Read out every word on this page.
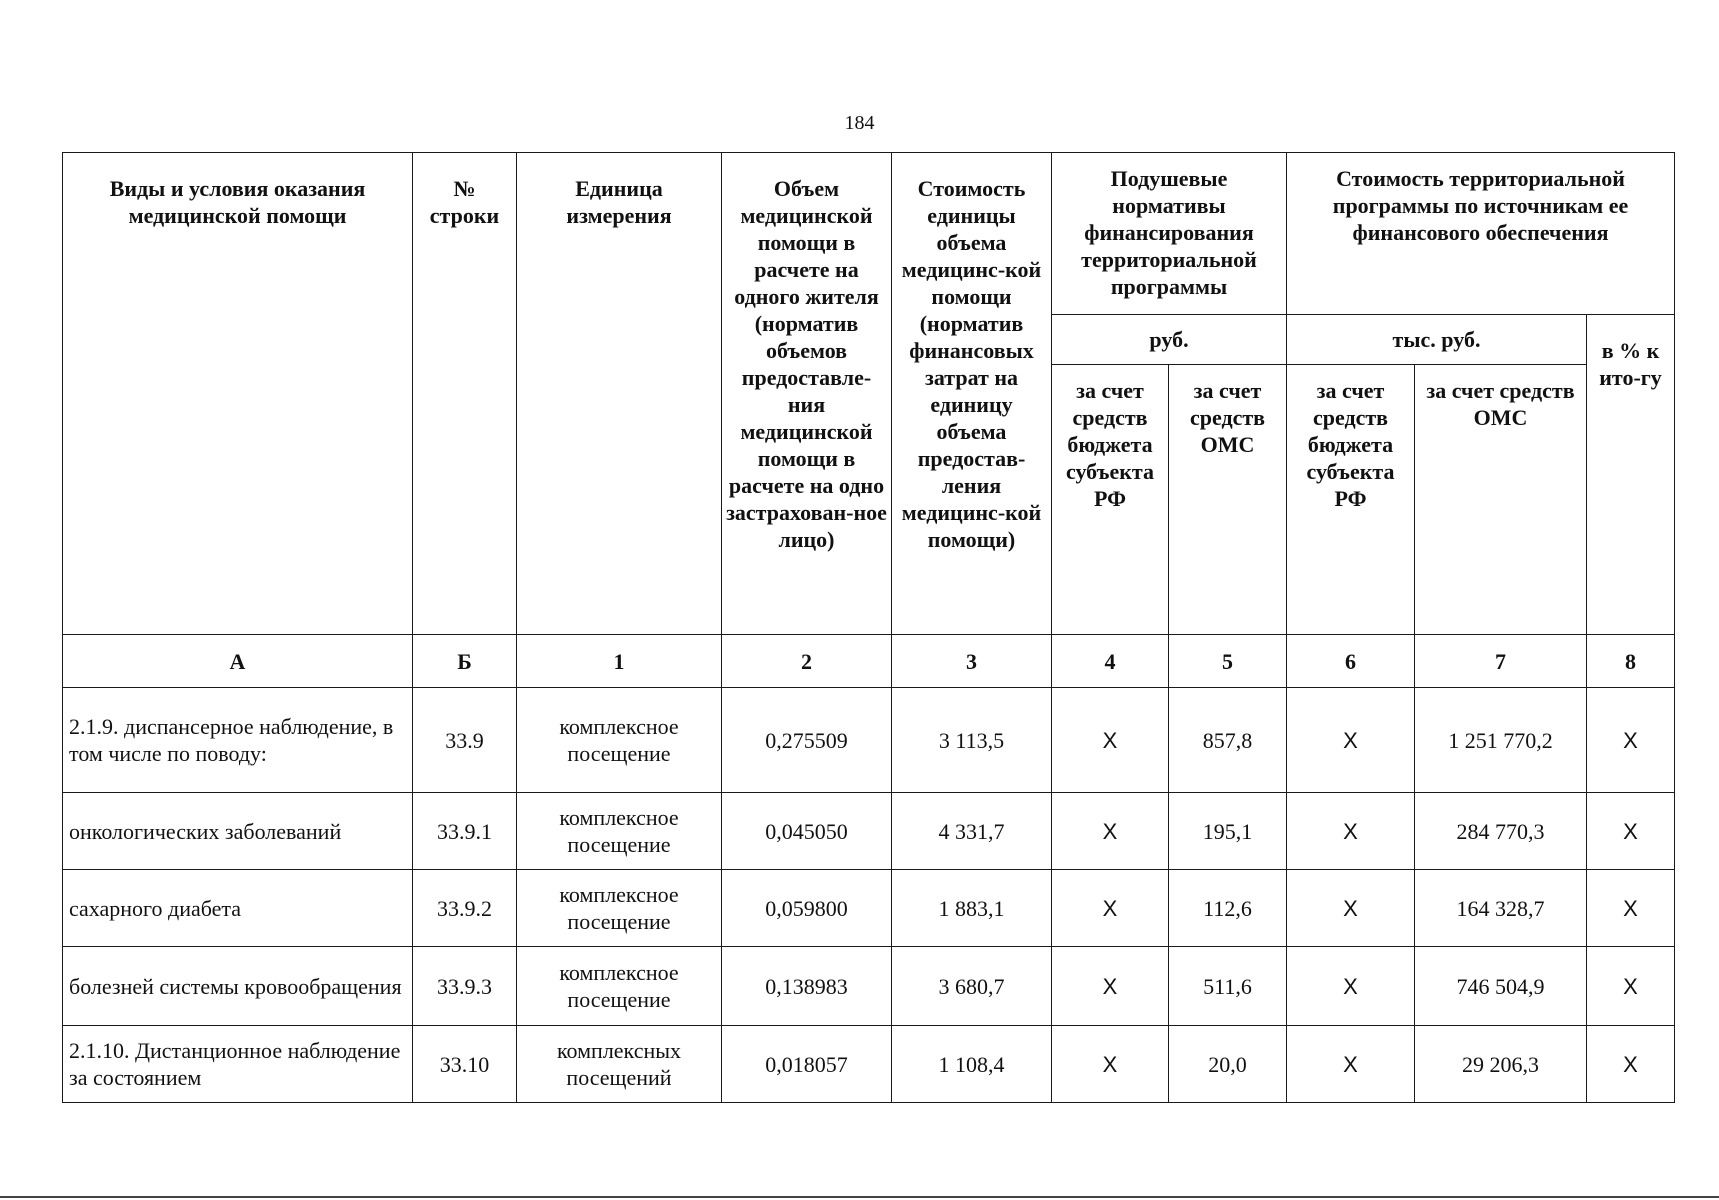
184
Виды и условия оказания медицинской помощи	№ строки	Единица измерения	Объем медицинской помощи в расчете на одного жителя (норматив объемов предоставле-ния медицинской помощи в расчете на одно застрахован-ное лицо)	Стоимость единицы объема медицинс-кой помощи (норматив финансовых затрат на единицу объема предостав-ления медицинс-кой помощи)	Подушевые нормативы финансирования территориальной программы		Стоимость территориальной программы по источникам ее финансового обеспечения		
					руб.		тыс. руб.		в % к ито-гу
					за счет средств бюджета субъекта РФ	за счет средств ОМС	за счет средств бюджета субъекта РФ	за счет средств ОМС	
А	Б	1	2	3	4	5	6	7	8
2.1.9. диспансерное наблюдение, в том числе по поводу:	33.9	комплексное посещение	0,275509	3 113,5	X	857,8	X	1 251 770,2	X
онкологических заболеваний	33.9.1	комплексное посещение	0,045050	4 331,7	X	195,1	X	284 770,3	X
сахарного диабета	33.9.2	комплексное посещение	0,059800	1 883,1	X	112,6	X	164 328,7	X
болезней системы кровообращения	33.9.3	комплексное посещение	0,138983	3 680,7	X	511,6	X	746 504,9	X
2.1.10. Дистанционное наблюдение за состоянием	33.10	комплексных посещений	0,018057	1 108,4	X	20,0	X	29 206,3	X
